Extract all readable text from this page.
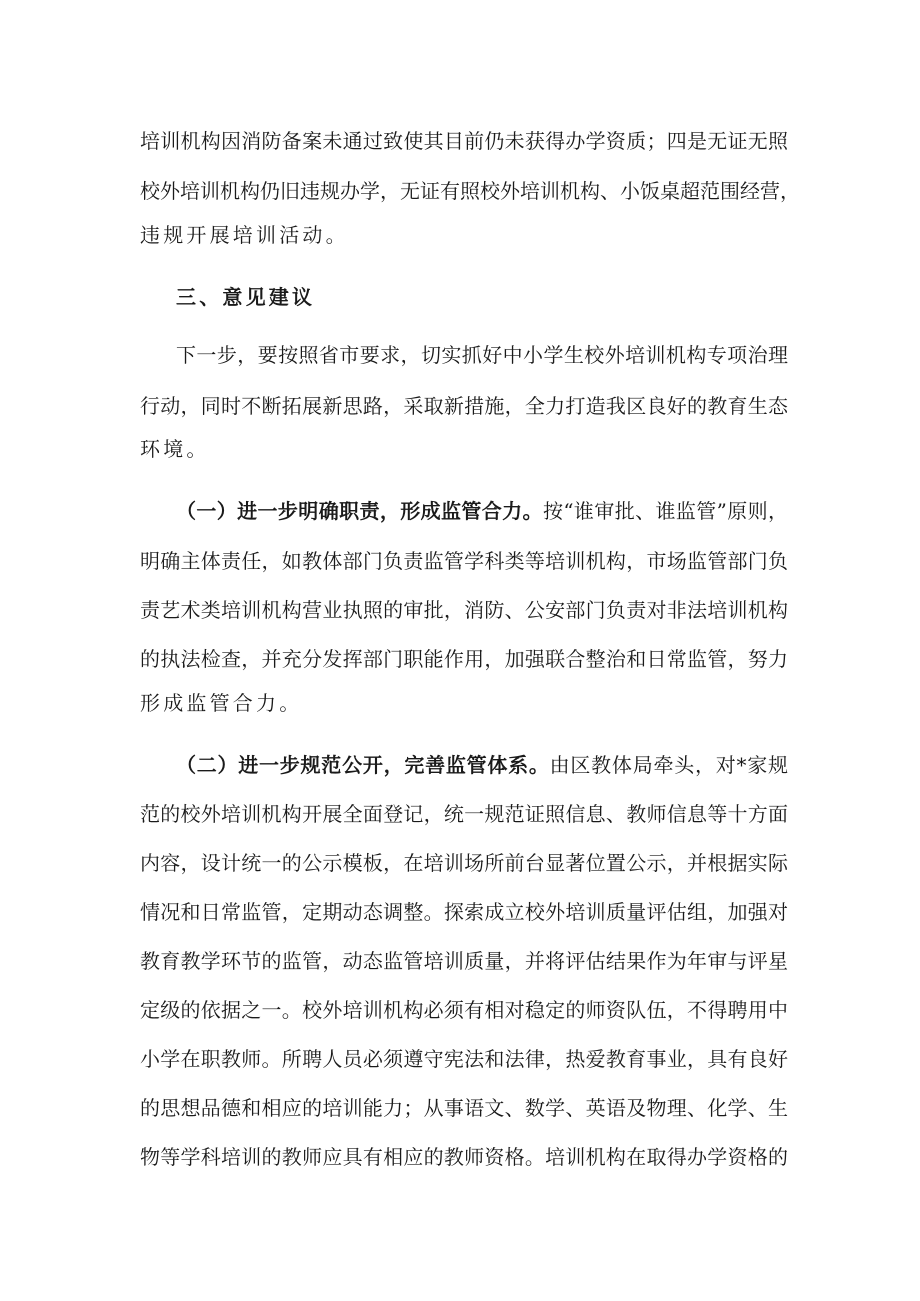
培训机构因消防备案未通过致使其目前仍未获得办学资质；四是无证无照
校外培训机构仍旧违规办学，无证有照校外培训机构、小饭桌超范围经营，
违规开展培训活动。
三、意见建议
下一步，要按照省市要求，切实抓好中小学生校外培训机构专项治理
行动，同时不断拓展新思路，采取新措施，全力打造我区良好的教育生态
环境。
（一）进一步明确职责，形成监管合力。按“谁审批、谁监管”原则，
明确主体责任，如教体部门负责监管学科类等培训机构，市场监管部门负
责艺术类培训机构营业执照的审批，消防、公安部门负责对非法培训机构
的执法检查，并充分发挥部门职能作用，加强联合整治和日常监管，努力
形成监管合力。
（二）进一步规范公开，完善监管体系。由区教体局牵头，对*家规
范的校外培训机构开展全面登记，统一规范证照信息、教师信息等十方面
内容，设计统一的公示模板，在培训场所前台显著位置公示，并根据实际
情况和日常监管，定期动态调整。探索成立校外培训质量评估组，加强对
教育教学环节的监管，动态监管培训质量，并将评估结果作为年审与评星
定级的依据之一。校外培训机构必须有相对稳定的师资队伍，不得聘用中
小学在职教师。所聘人员必须遵守宪法和法律，热爱教育事业，具有良好
的思想品德和相应的培训能力；从事语文、数学、英语及物理、化学、生
物等学科培训的教师应具有相应的教师资格。培训机构在取得办学资格的
